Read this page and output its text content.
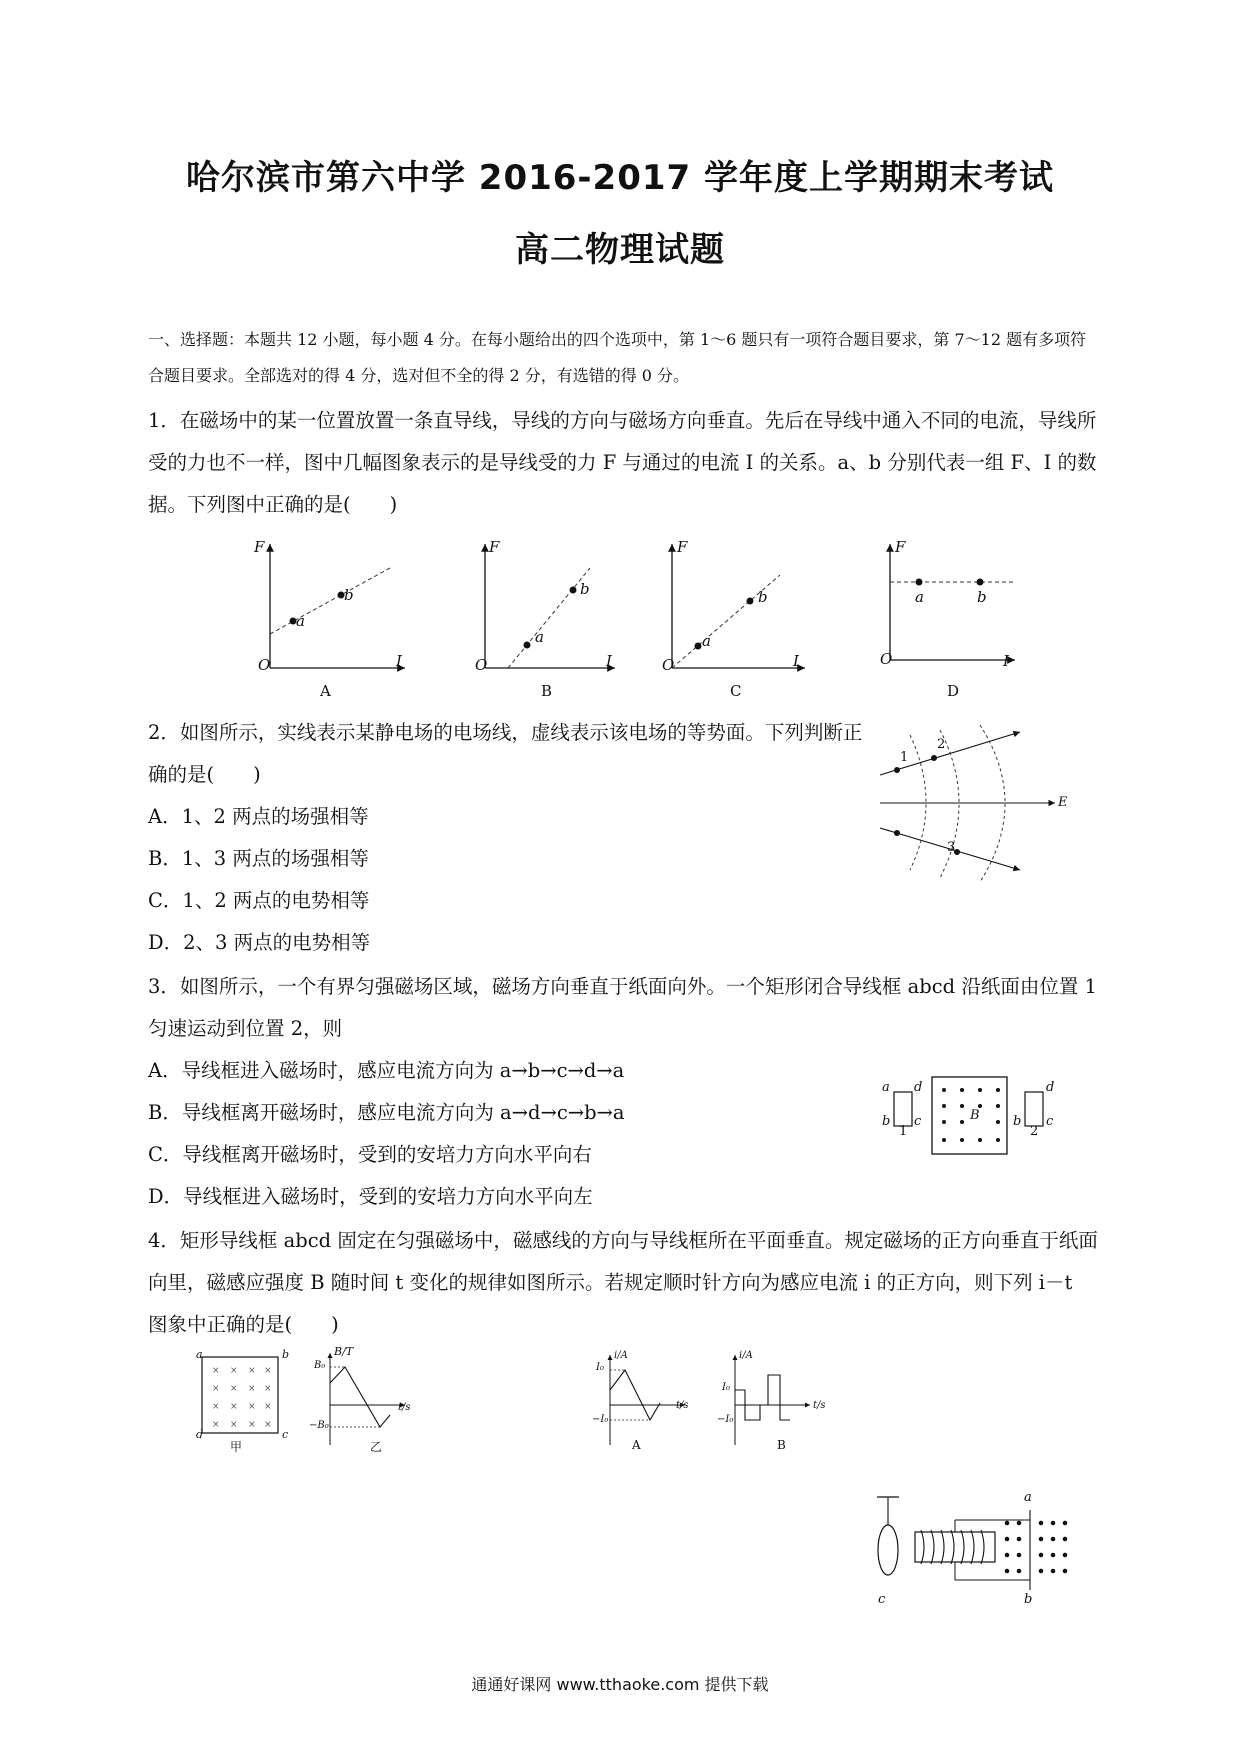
哈尔滨市第六中学 2016-2017 学年度上学期期末考试
高二物理试题

一、选择题：本题共 12 小题，每小题 4 分。在每小题给出的四个选项中，第 1～6 题只有一项符合题目要求，第 7～12 题有多项符合题目要求。全部选对的得 4 分，选对但不全的得 2 分，有选错的得 0 分。

1．在磁场中的某一位置放置一条直导线，导线的方向与磁场方向垂直。先后在导线中通入不同的电流，导线所受的力也不一样，图中几幅图象表示的是导线受的力 F 与通过的电流 I 的关系。a、b 分别代表一组 F、I 的数据。下列图中正确的是(　　)

F
I
O
a
b
F
I
O
a
b
F
I
O
a
b
F
I
O
a	b
A	B	C	D

2．如图所示，实线表示某静电场的电场线，虚线表示该电场的等势面。下列判断正确的是(　　)

A．1、2 两点的场强相等
B．1、3 两点的场强相等
C．1、2 两点的电势相等
D．2、3 两点的电势相等
1
2
3
E

3．如图所示，一个有界匀强磁场区域，磁场方向垂直于纸面向外。一个矩形闭合导线框 abcd 沿纸面由位置 1 匀速运动到位置 2，则

A．导线框进入磁场时，感应电流方向为 a→b→c→d→a
B．导线框离开磁场时，感应电流方向为 a→d→c→b→a
C．导线框离开磁场时，受到的安培力方向水平向右
D．导线框进入磁场时，受到的安培力方向水平向左
a
b c
d
1
B	b c
d
2

4．矩形导线框 abcd 固定在匀强磁场中，磁感线的方向与导线框所在平面垂直。规定磁场的正方向垂直于纸面向里，磁感应强度 B 随时间 t 变化的规律如图所示。若规定顺时针方向为感应电流 i 的正方向，则下列 i－t 图象中正确的是(　　)

× × × ×
× × × ×
× × × ×
× × × ×
甲	乙	A	B
a	b
d	c
B/T
B₀
−B₀
t/s
i/A
I₀
−I₀
t/s
i/A
I₀
−I₀
t/s
a
b
c
通通好课网 www.tthaoke.com 提供下载
